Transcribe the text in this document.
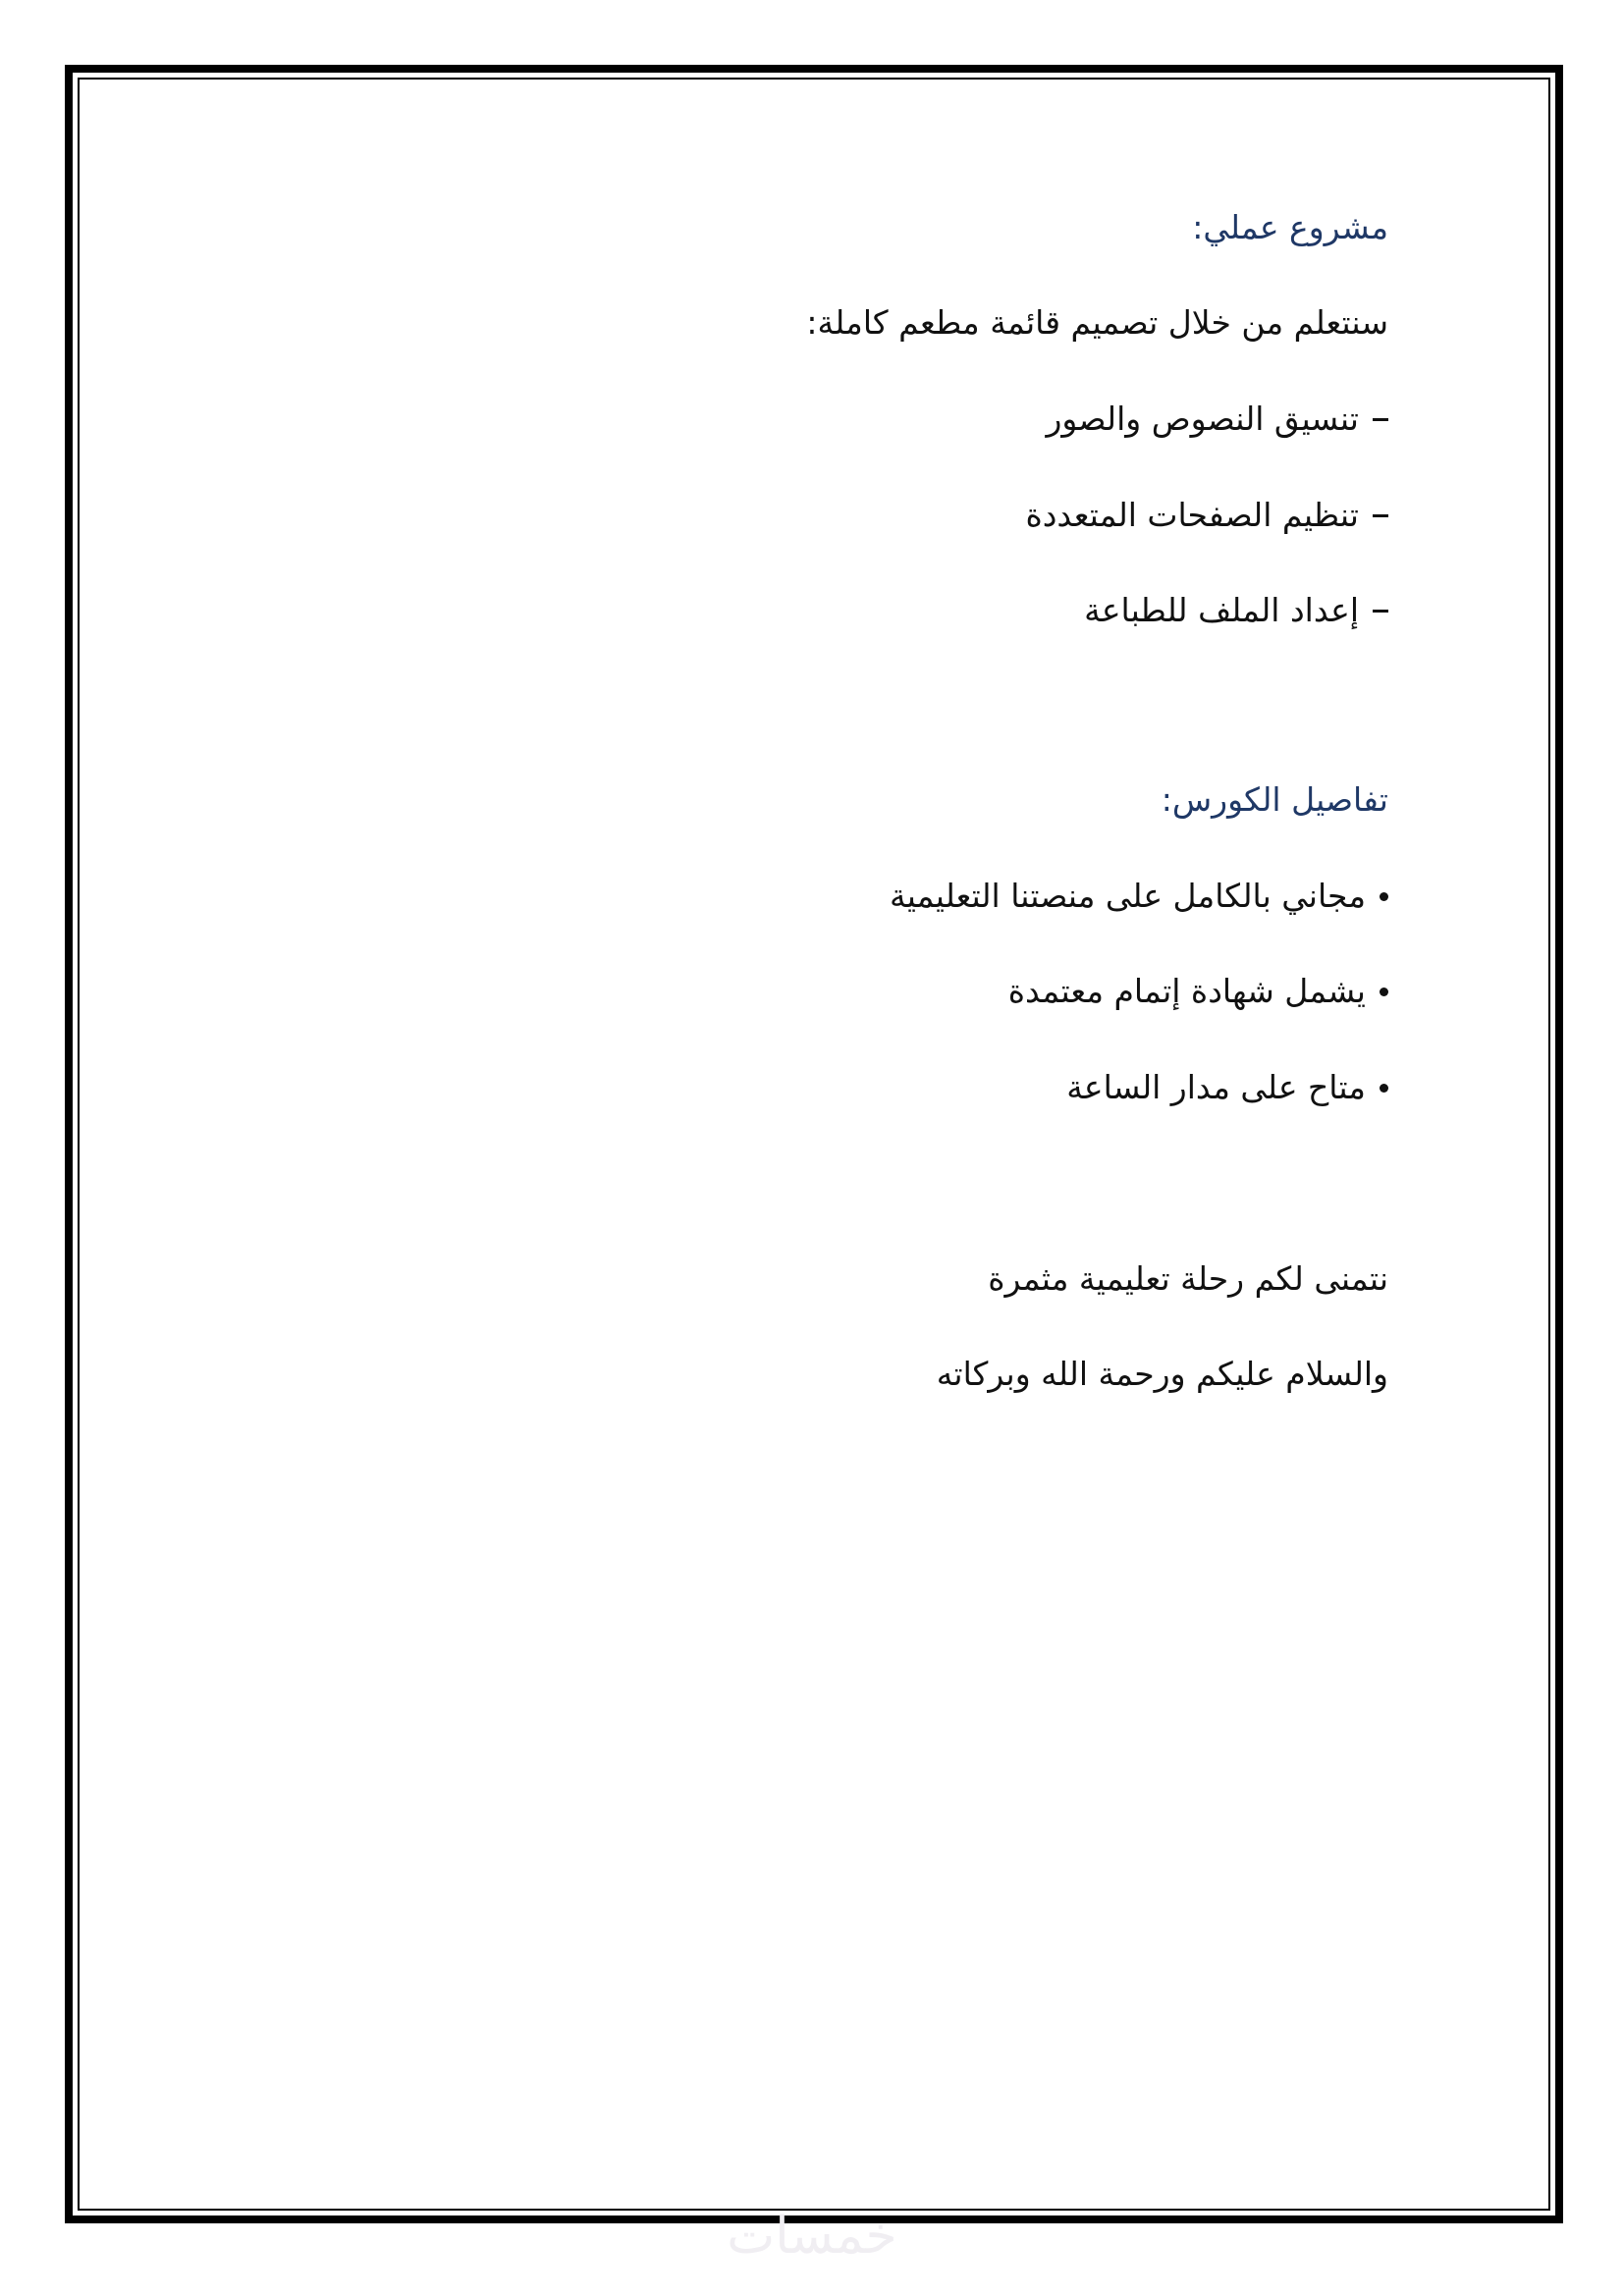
مشروع عملي:
سنتعلم من خلال تصميم قائمة مطعم كاملة:
تنسيق النصوص والصور
تنظيم الصفحات المتعددة
إعداد الملف للطباعة
تفاصيل الكورس:
مجاني بالكامل على منصتنا التعليمية
يشمل شهادة إتمام معتمدة
متاح على مدار الساعة
نتمنى لكم رحلة تعليمية مثمرة
والسلام عليكم ورحمة الله وبركاته
خمسات
